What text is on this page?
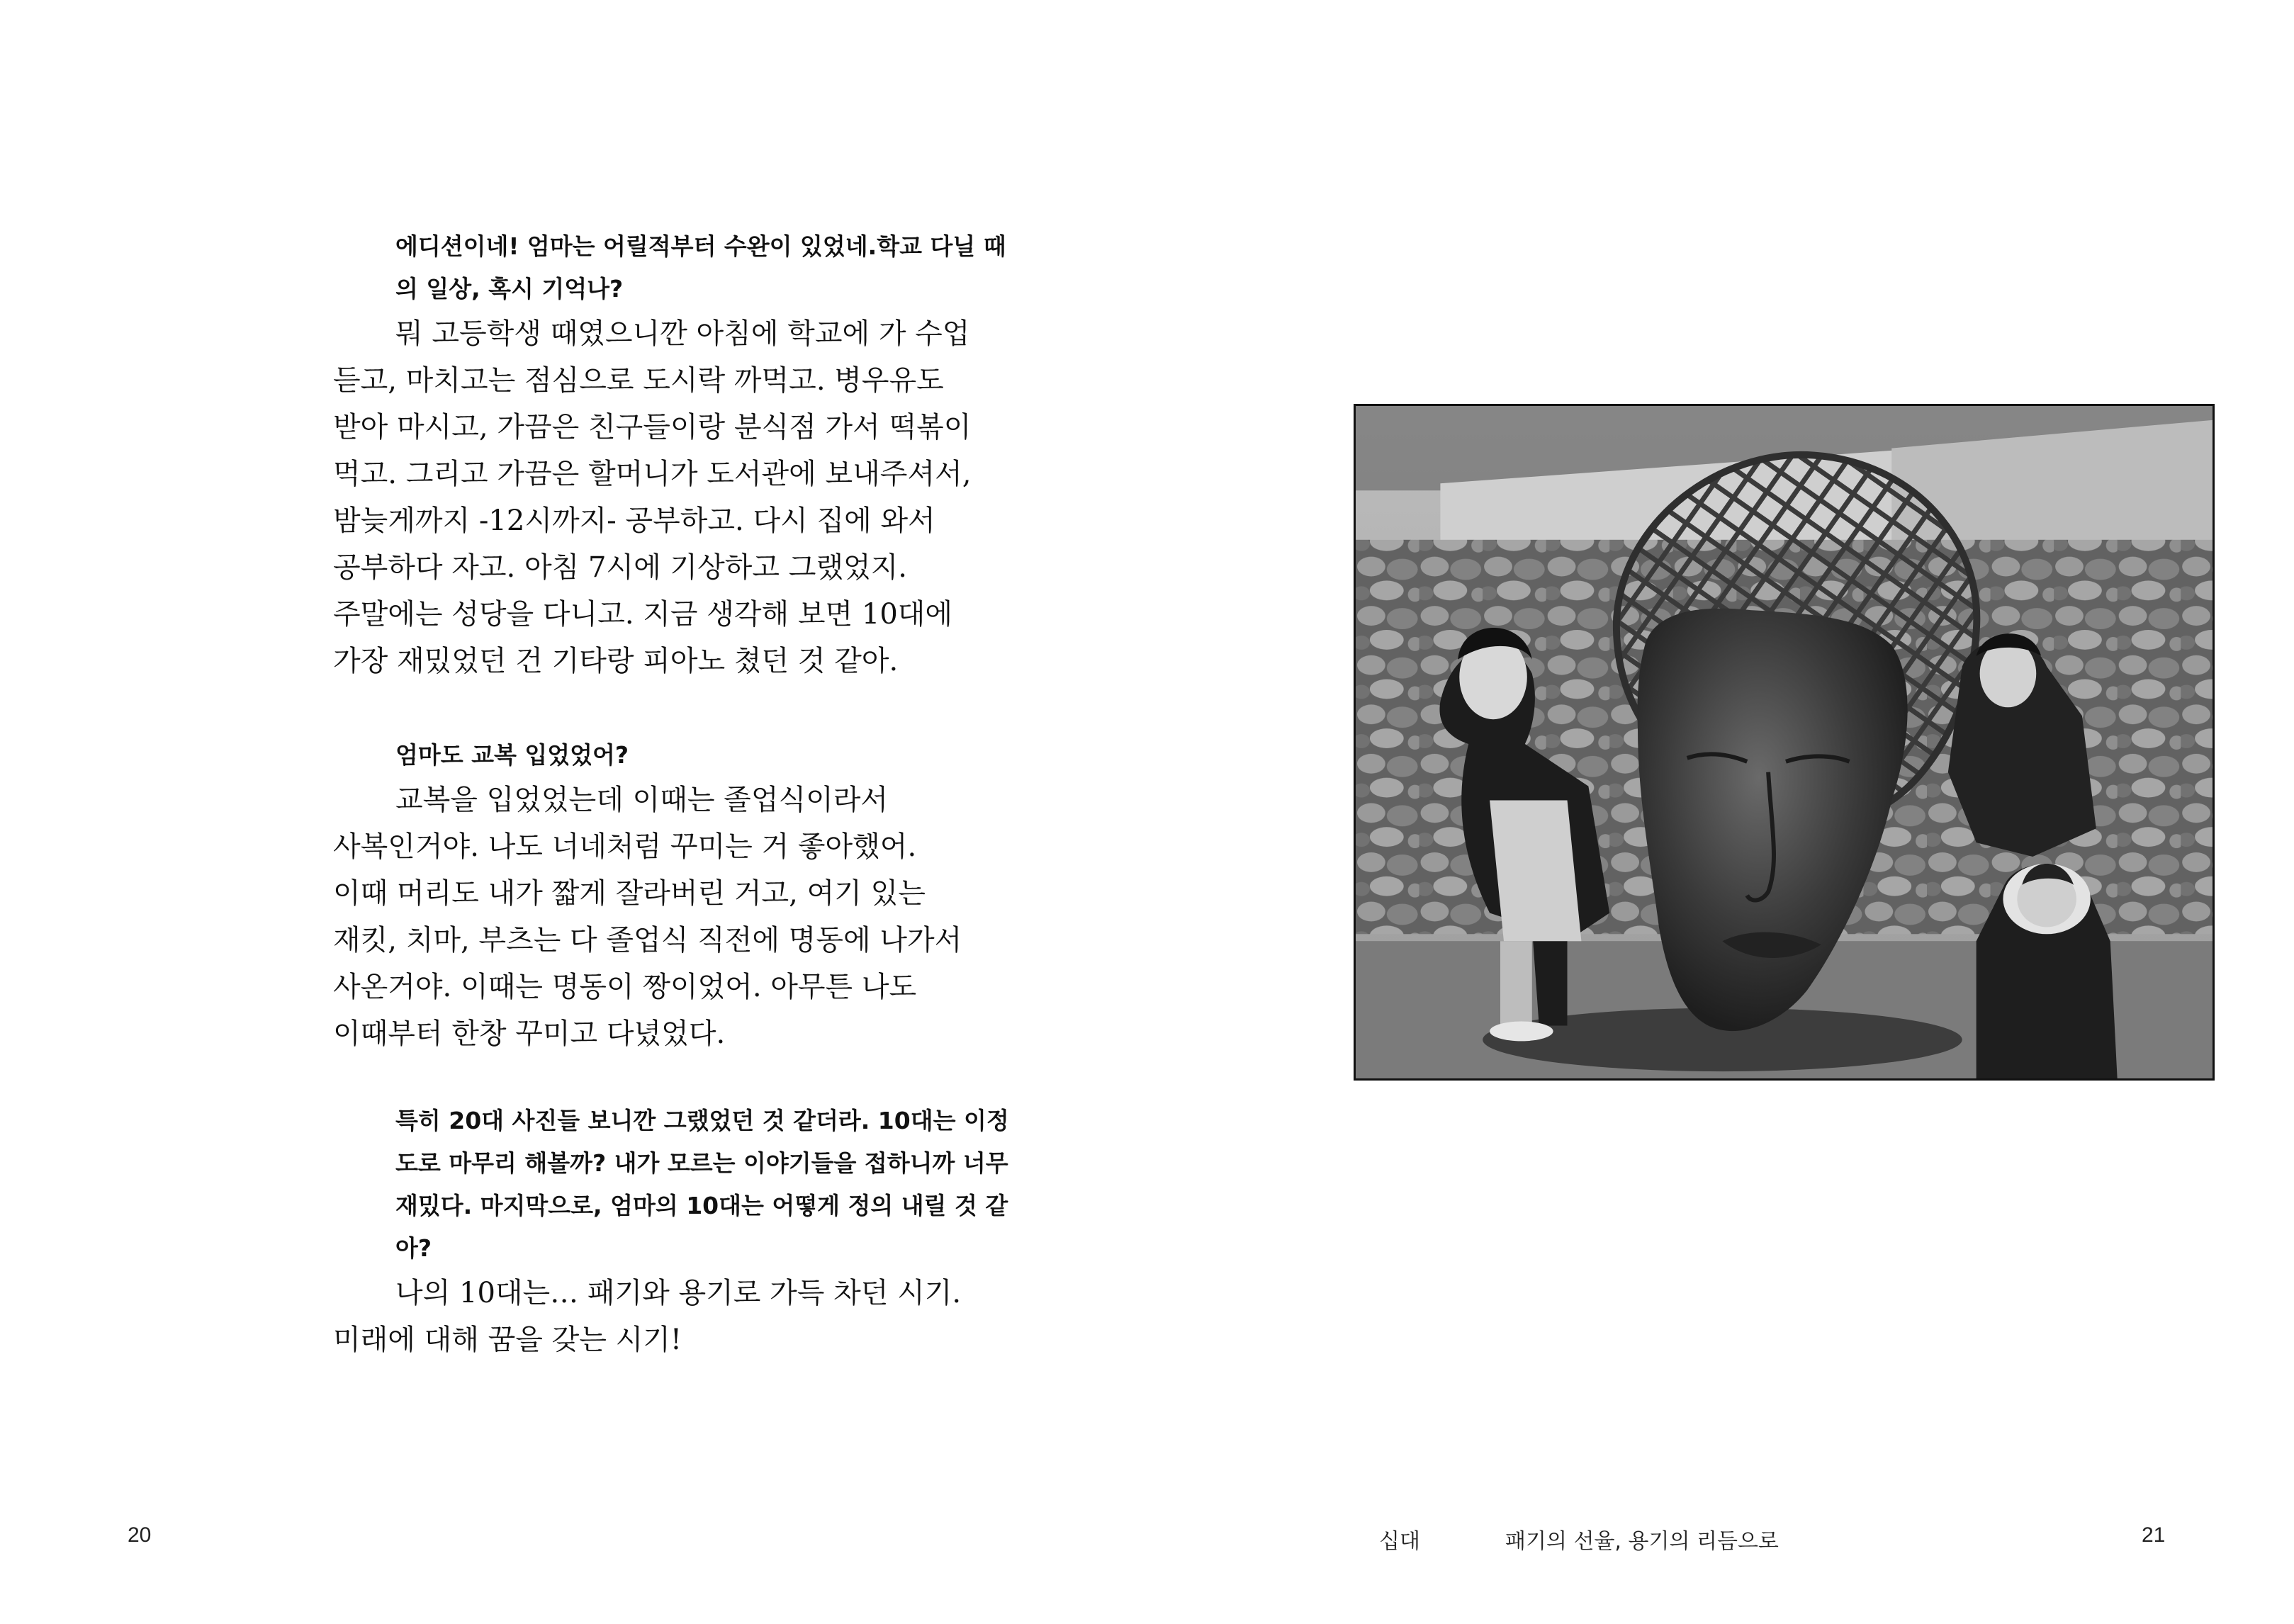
에디션이네! 엄마는 어릴적부터 수완이 있었네.학교 다닐 때의 일상, 혹시 기억나?

뭐 고등학생 때였으니깐 아침에 학교에 가 수업
듣고, 마치고는 점심으로 도시락 까먹고. 병우유도
받아 마시고, 가끔은 친구들이랑 분식점 가서 떡볶이
먹고. 그리고 가끔은 할머니가 도서관에 보내주셔서,
밤늦게까지 -12시까지- 공부하고. 다시 집에 와서
공부하다 자고. 아침 7시에 기상하고 그랬었지.
주말에는 성당을 다니고. 지금 생각해 보면 10대에
가장 재밌었던 건 기타랑 피아노 쳤던 것 같아.

엄마도 교복 입었었어?

교복을 입었었는데 이때는 졸업식이라서
사복인거야. 나도 너네처럼 꾸미는 거 좋아했어.
이때 머리도 내가 짧게 잘라버린 거고, 여기 있는
재킷, 치마, 부츠는 다 졸업식 직전에 명동에 나가서
사온거야. 이때는 명동이 짱이었어. 아무튼 나도
이때부터 한창 꾸미고 다녔었다.

특히 20대 사진들 보니깐 그랬었던 것 같더라. 10대는 이정도로 마무리 해볼까? 내가 모르는 이야기들을 접하니까 너무 재밌다. 마지막으로, 엄마의 10대는 어떻게 정의 내릴 것 같아?

나의 10대는… 패기와 용기로 가득 차던 시기.
미래에 대해 꿈을 갖는 시기!

20	십대	패기의 선율, 용기의 리듬으로	21
